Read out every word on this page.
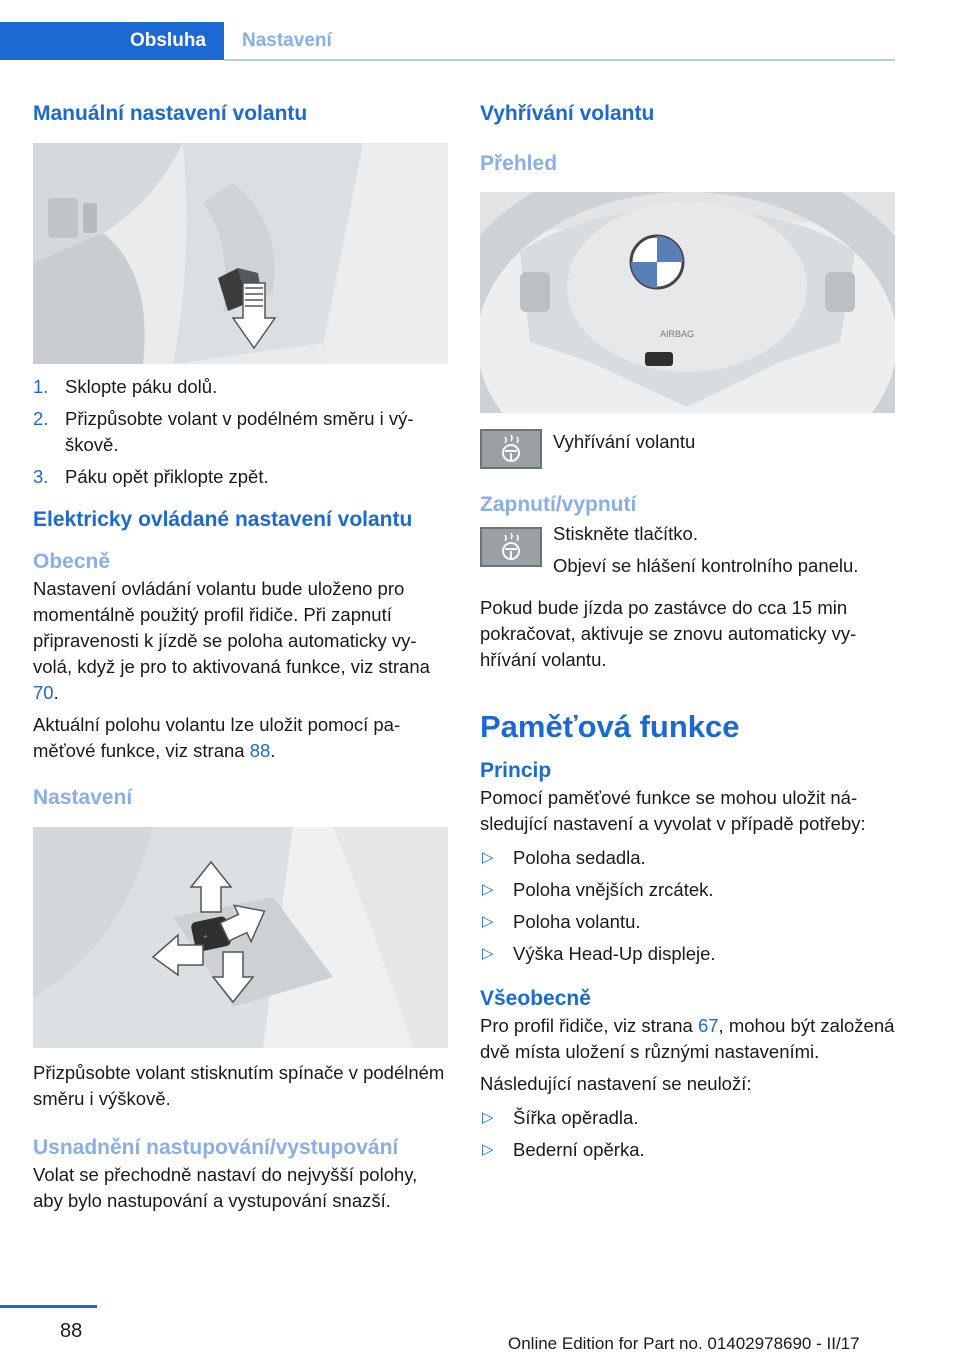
Obsluha	Nastavení
Manuální nastavení volantu
1. Sklopte páku dolů.
2. Přizpůsobte volant v podélném směru i výškově.
3. Páku opět přiklopte zpět.
Elektricky ovládané nastavení volantu
Obecně

Nastavení ovládání volantu bude uloženo pro momentálně použitý profil řidiče. Při zapnutí připravenosti k jízdě se poloha automaticky vyvolá, když je pro to aktivovaná funkce, viz strana 70.

Aktuální polohu volantu lze uložit pomocí paměťové funkce, viz strana 88.

Nastavení
+

Přizpůsobte volant stisknutím spínače v podélném směru i výškově.

Usnadnění nastupování/vystupování

Volat se přechodně nastaví do nejvyšší polohy, aby bylo nastupování a vystupování snazší.

Vyhřívání volantu
Přehled
AIRBAG

Vyhřívání volantu

Zapnutí/vypnutí

Stiskněte tlačítko.

Objeví se hlášení kontrolního panelu.

Pokud bude jízda po zastávce do cca 15 min pokračovat, aktivuje se znovu automaticky vyhřívání volantu.

Paměťová funkce
Princip

Pomocí paměťové funkce se mohou uložit následující nastavení a vyvolat v případě potřeby:

▷ Poloha sedadla.
▷ Poloha vnějších zrcátek.
▷ Poloha volantu.
▷ Výška Head-Up displeje.
Všeobecně

Pro profil řidiče, viz strana 67, mohou být založená dvě místa uložení s různými nastaveními.

Následující nastavení se neuloží:

▷ Šířka opěradla.
▷ Bederní opěrka.
88
Online Edition for Part no. 01402978690 - II/17
